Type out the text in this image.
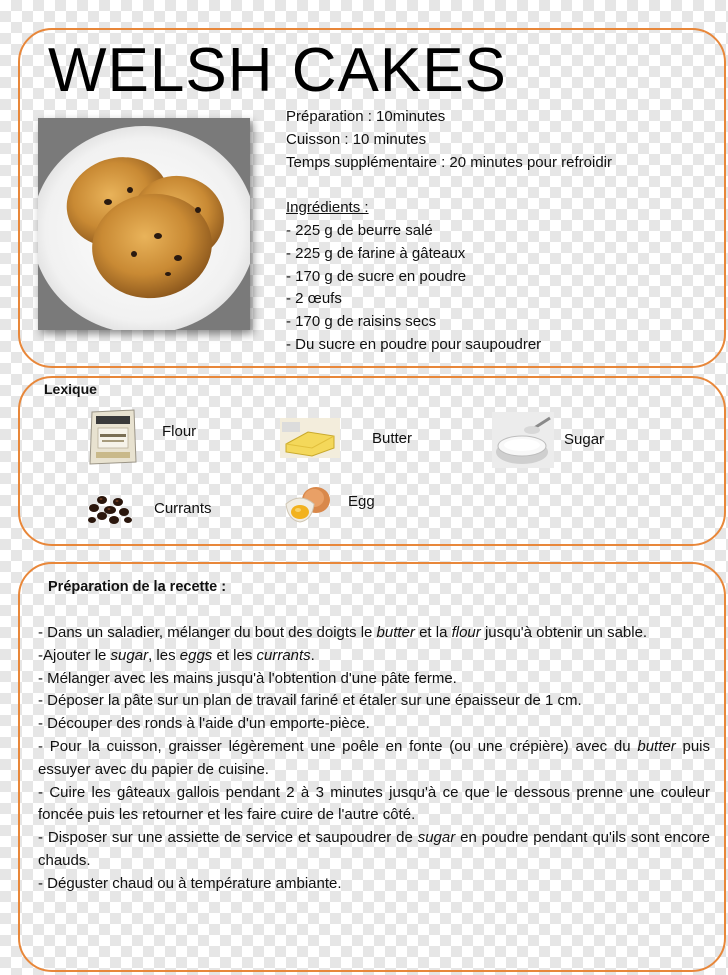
WELSH CAKES
Préparation : 10minutes
Cuisson : 10 minutes
Temps supplémentaire : 20 minutes pour refroidir
Ingrédients :
- 225 g de beurre salé
- 225 g de farine à gâteaux
- 170 g de sucre en poudre
- 2 œufs
- 170 g de raisins secs
- Du sucre en poudre pour saupoudrer
Lexique
Flour	Butter	Sugar
Currants	Egg
Préparation de la recette :

- Dans un saladier, mélanger du bout des doigts le butter et la flour jusqu'à obtenir un sable.

-Ajouter le sugar, les eggs et les currants.

- Mélanger avec les mains jusqu'à l'obtention d'une pâte ferme.

- Déposer la pâte sur un plan de travail fariné et étaler sur une épaisseur de 1 cm.

- Découper des ronds à l'aide d'un emporte-pièce.

- Pour la cuisson, graisser légèrement une poêle en fonte (ou une crépière) avec du butter puis essuyer avec du papier de cuisine.

- Cuire les gâteaux gallois pendant 2 à 3 minutes jusqu'à ce que le dessous prenne une couleur foncée puis les retourner et les faire cuire de l'autre côté.

- Disposer sur une assiette de service et saupoudrer de sugar en poudre pendant qu'ils sont encore chauds.

- Déguster chaud ou à température ambiante.
